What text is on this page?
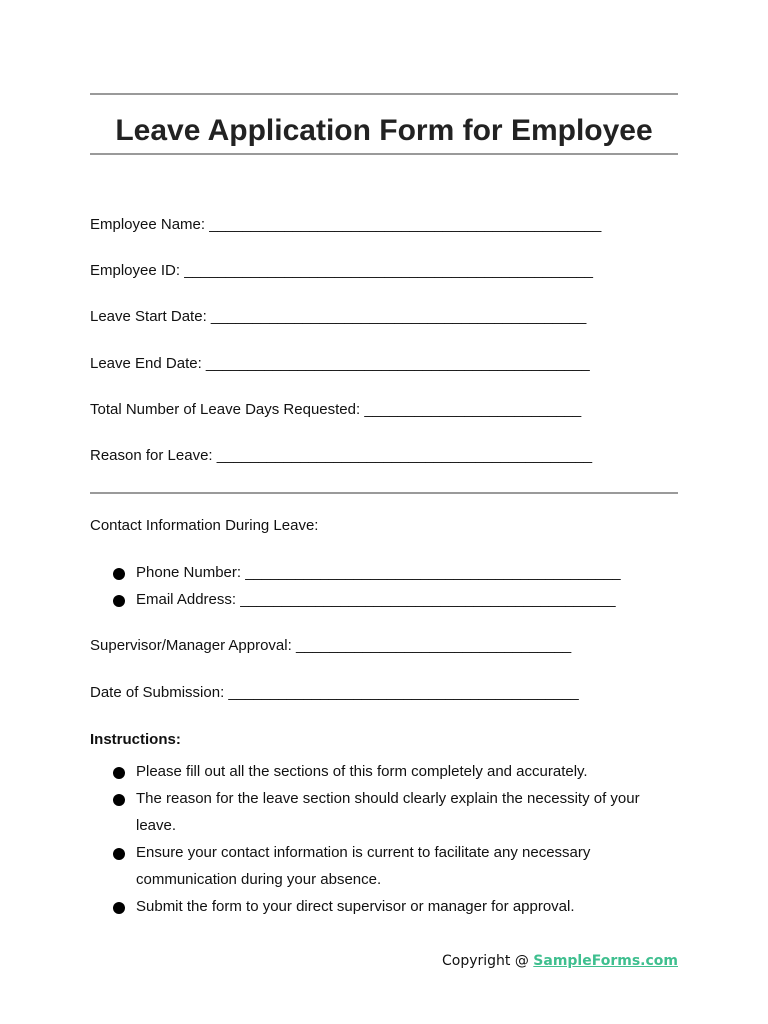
Leave Application Form for Employee
Employee Name: _______________________________________________
Employee ID: _________________________________________________
Leave Start Date: _____________________________________________
Leave End Date: ______________________________________________
Total Number of Leave Days Requested: __________________________
Reason for Leave: _____________________________________________
Contact Information During Leave:
Phone Number: _____________________________________________
Email Address: _____________________________________________
Supervisor/Manager Approval: _________________________________
Date of Submission: __________________________________________
Instructions:
Please fill out all the sections of this form completely and accurately.
The reason for the leave section should clearly explain the necessity of your
leave.
Ensure your contact information is current to facilitate any necessary
communication during your absence.
Submit the form to your direct supervisor or manager for approval.
Copyright @ SampleForms.com
